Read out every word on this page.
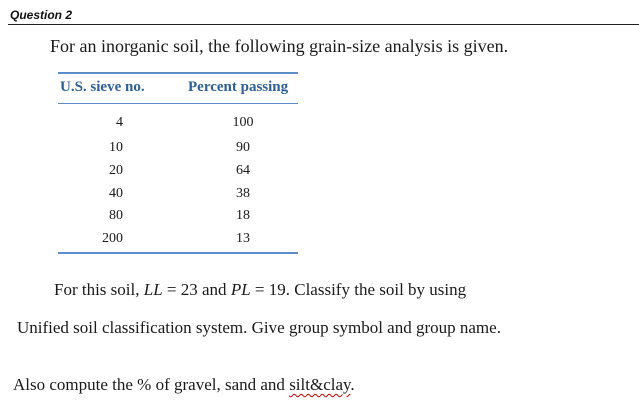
Question 2
For an inorganic soil, the following grain-size analysis is given.
U.S. sieve no.	Percent passing
4	100
10	90
20	64
40	38
80	18
200	13
For this soil, LL = 23 and PL = 19. Classify the soil by using
Unified soil classification system. Give group symbol and group name.
Also compute the % of gravel, sand and silt&clay.
